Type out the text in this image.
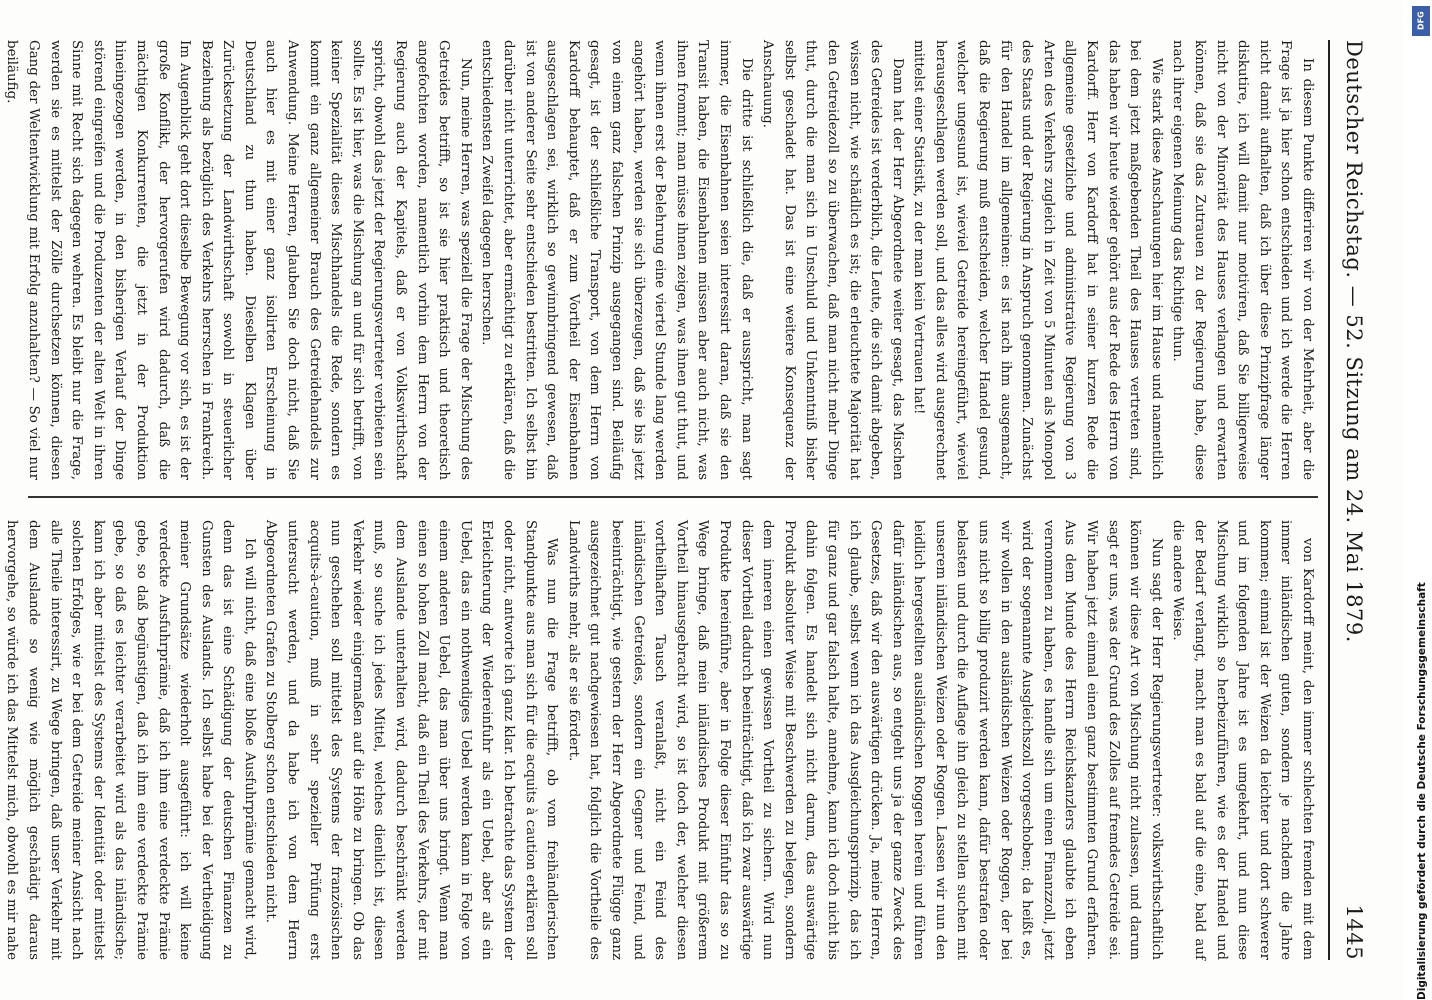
Deutscher Reichstag. — 52. Sitzung am 24. Mai 1879.
1445

In diesem Punkte differiren wir von der Mehrheit, aber die Frage ist ja hier schon entschieden und ich werde die Herren nicht damit aufhalten, daß ich über diese Prinzipfrage länger diskutire, ich will damit nur motiviren, daß Sie billigerweise nicht von der Minorität des Hauses verlangen und erwarten können, daß sie das Zutrauen zu der Regierung habe, diese nach ihrer eigenen Meinung das Richtige thun.

Wie stark diese Anschauungen hier im Hause und namentlich bei dem jetzt maßgebenden Theil des Hauses vertreten sind, das haben wir heute wieder gehört aus der Rede des Herrn von Kardorff. Herr von Kardorff hat in seiner kurzen Rede die allgemeine gesetzliche und administrative Regierung von 3 Arten des Verkehrs zugleich in Zeit von 5 Minuten als Monopol des Staats und der Regierung in Anspruch genommen. Zunächst für den Handel im allgemeinen: es ist nach ihm ausgemacht, daß die Regierung muß entscheiden, welcher Handel gesund, welcher ungesund ist, wieviel Getreide hereingeführt, wieviel herausgeschlagen werden soll, und das alles wird ausgerechnet mittelst einer Statistik, zu der man kein Vertrauen hat!

Dann hat der Herr Abgeordnete weiter gesagt, das Mischen des Getreides ist verderblich, die Leute, die sich damit abgeben, wissen nicht, wie schädlich es ist; die erleuchtete Majorität hat den Getreidezoll so zu überwachen, daß man nicht mehr Dinge thut, durch die man sich in Unschuld und Unkenntniß bisher selbst geschadet hat. Das ist eine weitere Konsequenz der Anschauung.

Die dritte ist schließlich die, daß er ausspricht, man sagt immer, die Eisenbahnen seien interessirt daran, daß sie den Transit haben, die Eisenbahnen müssen aber auch nicht, was ihnen frommt; man müsse ihnen zeigen, was ihnen gut thut, und wenn ihnen erst der Belehrung eine viertel Stunde lang werden angehört haben, werden sie sich überzeugen, daß sie bis jetzt von einem ganz falschen Prinzip ausgegangen sind. Beiläufig gesagt, ist der schließliche Transport, von dem Herrn von Kardorff behauptet, daß er zum Vortheil der Eisenbahnen ausgeschlagen sei, wirklich so gewinnbringend gewesen, daß ist von anderer Seite sehr entschieden bestritten. Ich selbst bin darüber nicht unterrichtet, aber ermächtigt zu erklären, daß die entschiedensten Zweifel dagegen herrschen.

Nun, meine Herren, was speziell die Frage der Mischung des Getreides betrifft, so ist sie hier praktisch und theoretisch angefochten worden, namentlich vorhin dem Herrn von der Regierung auch der Kapitels, daß er von Volkswirthschaft spricht, obwohl das jetzt der Regierungsvertreter verbieten sein sollte. Es ist hier, was die Mischung an und für sich betrifft, von keiner Spezialität dieses Mischhandels die Rede, sondern es kommt ein ganz allgemeiner Brauch des Getreidehandels zur Anwendung. Meine Herren, glauben Sie doch nicht, daß Sie auch hier es mit einer ganz isolirten Erscheinung in Deutschland zu thun haben. Dieselben Klagen über Zurücksetzung der Landwirthschaft sowohl in steuerlicher Beziehung als bezüglich des Verkehrs herrschen in Frankreich. Im Augenblick geht dort dieselbe Bewegung vor sich, es ist der große Konflikt, der hervorgerufen wird dadurch, daß die mächtigen Konkurrenten, die jetzt in der Produktion hineingezogen werden, in den bisherigen Verlauf der Dinge störend eingreifen und die Produzenten der alten Welt in ihren Sinne mit Recht sich dagegen wehren. Es bleibt nur die Frage, werden sie es mittelst der Zölle durchsetzen können, diesen Gang der Weltentwicklung mit Erfolg anzuhalten? — So viel nur beiläufig.

von Kardorff meint, den immer schlechten fremden mit dem immer inländischen guten, sondern je nachdem die Jahre kommen; einmal ist der Weizen da leichter und dort schwerer und im folgenden Jahre ist es umgekehrt, und nun diese Mischung wirklich so herbeizuführen, wie es der Handel und der Bedarf verlangt, macht man es bald auf die eine, bald auf die andere Weise.

Nun sagt der Herr Regierungsvertreter: volkswirthschaftlich können wir diese Art von Mischung nicht zulassen, und darum sagt er uns, was der Grund des Zolles auf fremdes Getreide sei. Wir haben jetzt einmal einen ganz bestimmten Grund erfahren. Aus dem Munde des Herrn Reichskanzlers glaubte ich eben vernommen zu haben, es handle sich um einen Finanzzoll, jetzt wird der sogenannte Ausgleichszoll vorgeschoben; da heißt es, wir wollen in den ausländischen Weizen oder Roggen, der bei uns nicht so billig produzirt werden kann, dafür bestrafen oder belasten und durch die Auflage ihn gleich zu stellen suchen mit unserem inländischen Weizen oder Roggen. Lassen wir nun den leidlich hergestellten ausländischen Roggen herein und führen dafür inländischen aus, so entgeht uns ja der ganze Zweck des Gesetzes, daß wir den auswärtigen drücken. Ja, meine Herren, ich glaube, selbst wenn ich das Ausgleichungsprinzip, das ich für ganz und gar falsch halte, annehme, kann ich doch nicht bis dahin folgen. Es handelt sich nicht darum, das auswärtige Produkt absoluter Weise mit Beschwerden zu belegen, sondern dem inneren einen gewissen Vortheil zu sichern. Wird nun dieser Vortheil dadurch beeinträchtigt, daß ich zwar auswärtige Produkte hereinführe, aber in Folge dieser Einfuhr das so zu Wege bringe, daß mein inländisches Produkt mit größerem Vortheil hinausgebracht wird, so ist doch der, welcher diesen vortheilhaften Tausch veranlaßt, nicht ein Feind des inländischen Getreides, sondern ein Gegner und Feind, und beeinträchtigt, wie gestern der Herr Abgeordnete Flügge ganz ausgezeichnet gut nachgewiesen hat, folglich die Vortheile des Landwirths mehr, als er sie fördert.

Was nun die Frage betrifft, ob vom freihändlerischen Standpunkte aus man sich für die acquits à caution erklären soll oder nicht, antworte ich ganz klar. Ich betrachte das System der Erleichterung der Wiedereinfuhr als ein Uebel, aber als ein Uebel, das ein nothwendiges Uebel werden kann in Folge von einem anderen Uebel, das man über uns bringt. Wenn man einen so hohen Zoll macht, daß ein Theil des Verkehrs, der mit dem Auslande unterhalten wird, dadurch beschränkt werden muß, so suche ich jedes Mittel, welches dienlich ist, diesen Verkehr wieder einigermaßen auf die Höhe zu bringen. Ob das nun geschehen soll mittelst des Systems der französischen acquits-à-caution, muß in sehr spezieller Prüfung erst untersucht werden, und da habe ich von dem Herrn Abgeordneten Grafen zu Stolberg schon entschieden nicht.

Ich will nicht, daß eine bloße Ausfuhrprämie gemacht wird, denn das ist eine Schädigung der deutschen Finanzen zu Gunsten des Auslands. Ich selbst habe bei der Vertheidigung meiner Grundsätze wiederholt ausgeführt: ich will keine verdeckte Ausfuhrprämie, daß ich ihm eine verdeckte Prämie gebe, so daß begünstigen, daß ich ihm eine verdeckte Prämie gebe, so daß es leichter verarbeitet wird als das inländische; kann ich aber mittelst des Systems der Identität oder mittelst solchen Erfolges, wie er bei dem Getreide meiner Ansicht nach alle Theile interessirt, zu Wege bringen, daß unser Verkehr mit dem Auslande so wenig wie möglich geschädigt daraus hervorgehe, so würde ich das Mittelst mich, obwohl es mir nahe	Digitalisierung gefördert durch die Deutsche Forschungsgemeinschaft
DFG
